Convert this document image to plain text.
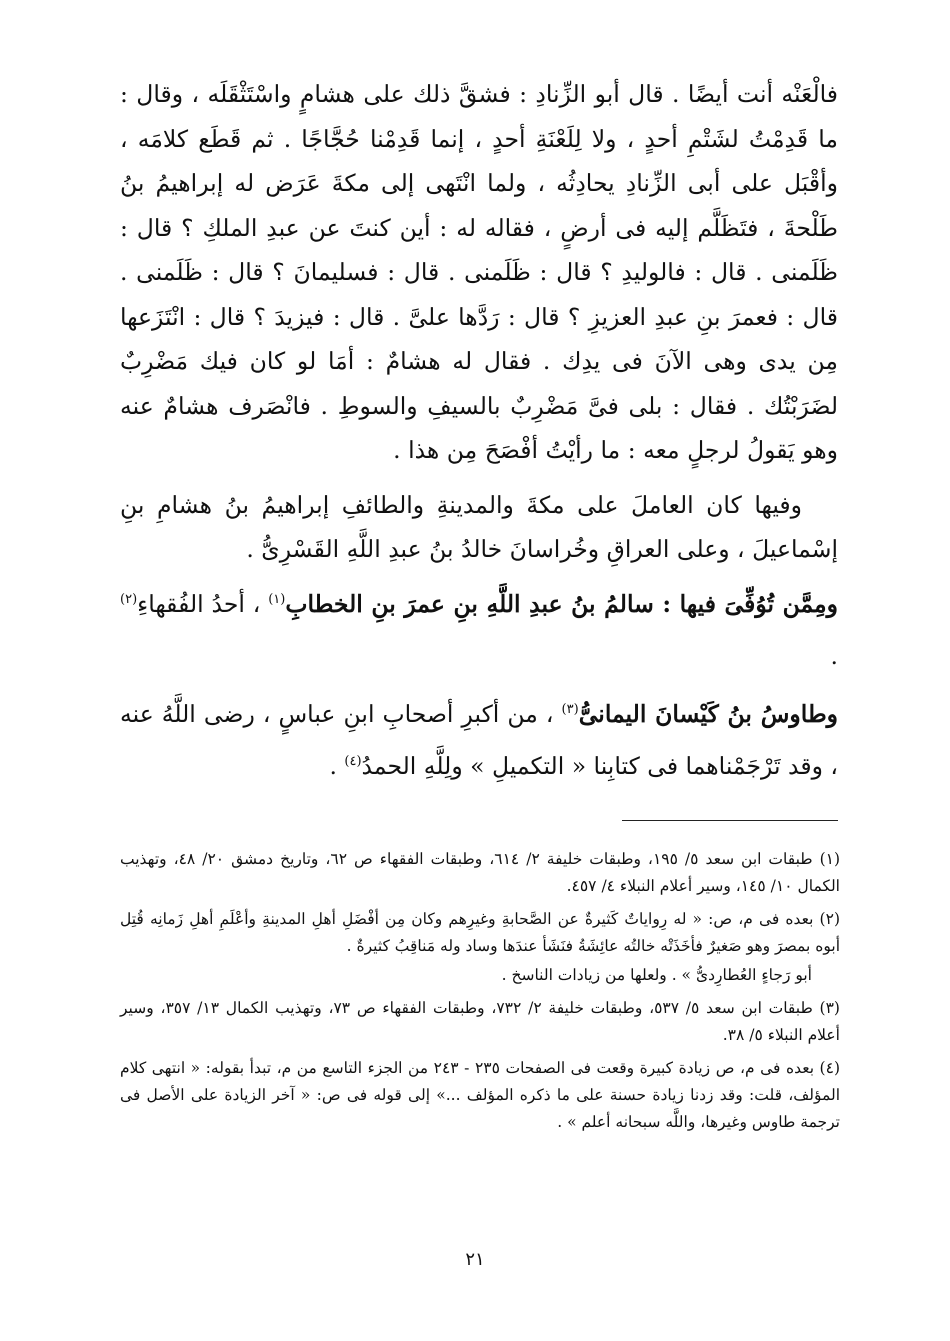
فالْعَنْه أنت أيضًا . قال أبو الزِّنادِ : فشقَّ ذلك على هشامٍ واسْتَثْقَلَه ، وقال : ما قَدِمْتُ لشَتْمِ أحدٍ ، ولا لِلَعْنَةِ أحدٍ ، إنما قَدِمْنا حُجَّاجًا . ثم قَطَع كلامَه ، وأقْبَل على أبى الزِّنادِ يحادِثُه ، ولما انْتَهى إلى مكةَ عَرَض له إبراهيمُ بنُ طَلْحةَ ، فتَظَلَّم إليه فى أرضٍ ، فقاله له : أين كنتَ عن عبدِ الملكِ ؟ قال : ظَلَمنى . قال : فالوليدِ ؟ قال : ظَلَمنى . قال : فسليمانَ ؟ قال : ظَلَمنى . قال : فعمرَ بنِ عبدِ العزيزِ ؟ قال : رَدَّها علىَّ . قال : فيزيدَ ؟ قال : انْتَزَعها مِن يدى وهى الآنَ فى يدِك . فقال له هشامٌ : أمَا لو كان فيك مَضْرِبٌ لضَرَبْتُك . فقال : بلى فىَّ مَضْرِبٌ بالسيفِ والسوطِ . فانْصَرف هشامٌ عنه وهو يَقولُ لرجلٍ معه : ما رأيْتُ أفْصَحَ مِن هذا .

وفيها كان العاملَ على مكةَ والمدينةِ والطائفِ إبراهيمُ بنُ هشامِ بنِ إسْماعيلَ ، وعلى العراقِ وخُراسانَ خالدُ بنُ عبدِ اللَّهِ القَسْرِىُّ .

ومِمَّن تُوُفِّىَ فيها : سالمُ بنُ عبدِ اللَّهِ بنِ عمرَ بنِ الخطابِ$^{(١)}$ ، أحدُ الفُقهاءِ$^{(٢)}$ .

وطاوسُ بنُ كَيْسانَ اليمانىُّ$^{(٣)}$ ، من أكبرِ أصحابِ ابنِ عباسٍ ، رضى اللَّهُ عنه ، وقد تَرْجَمْناهما فى كتابِنا « التكميلِ » ولِلَّهِ الحمدُ$^{(٤)}$ .

(١) طبقات ابن سعد ٥/ ١٩٥، وطبقات خليفة ٢/ ٦١٤، وطبقات الفقهاء ص ٦٢، وتاريخ دمشق ٢٠/ ٤٨، وتهذيب الكمال ١٠/ ١٤٥، وسير أعلام النبلاء ٤/ ٤٥٧.

(٢) بعده فى م، ص: « له رِواياتٌ كَثيرةٌ عن الصَّحابةِ وغيرِهم وكان مِن أفْضَلِ أهلِ المدينةِ وأعْلَمِ أهلِ زَمانِه قُتِل أبوه بمصرَ وهو صَغيرٌ فأخَذَتْه خالتُه عائِشَةُ فنَشَأ عندَها وساد وله مَناقِبُ كثيرةٌ .

أبو رَجاءٍ العُطارِدىُّ » . ولعلها من زيادات الناسخ .

(٣) طبقات ابن سعد ٥/ ٥٣٧، وطبقات خليفة ٢/ ٧٣٢، وطبقات الفقهاء ص ٧٣، وتهذيب الكمال ١٣/ ٣٥٧، وسير أعلام النبلاء ٥/ ٣٨.

(٤) بعده فى م، ص زيادة كبيرة وقعت فى الصفحات ٢٣٥ - ٢٤٣ من الجزء التاسع من م، تبدأ بقوله: « انتهى كلام المؤلف، قلت: وقد زدنا زيادة حسنة على ما ذكره المؤلف ...» إلى قوله فى ص: « آخر الزيادة على الأصل فى ترجمة طاوس وغيرها، واللَّه سبحانه أعلم » .

٢١
